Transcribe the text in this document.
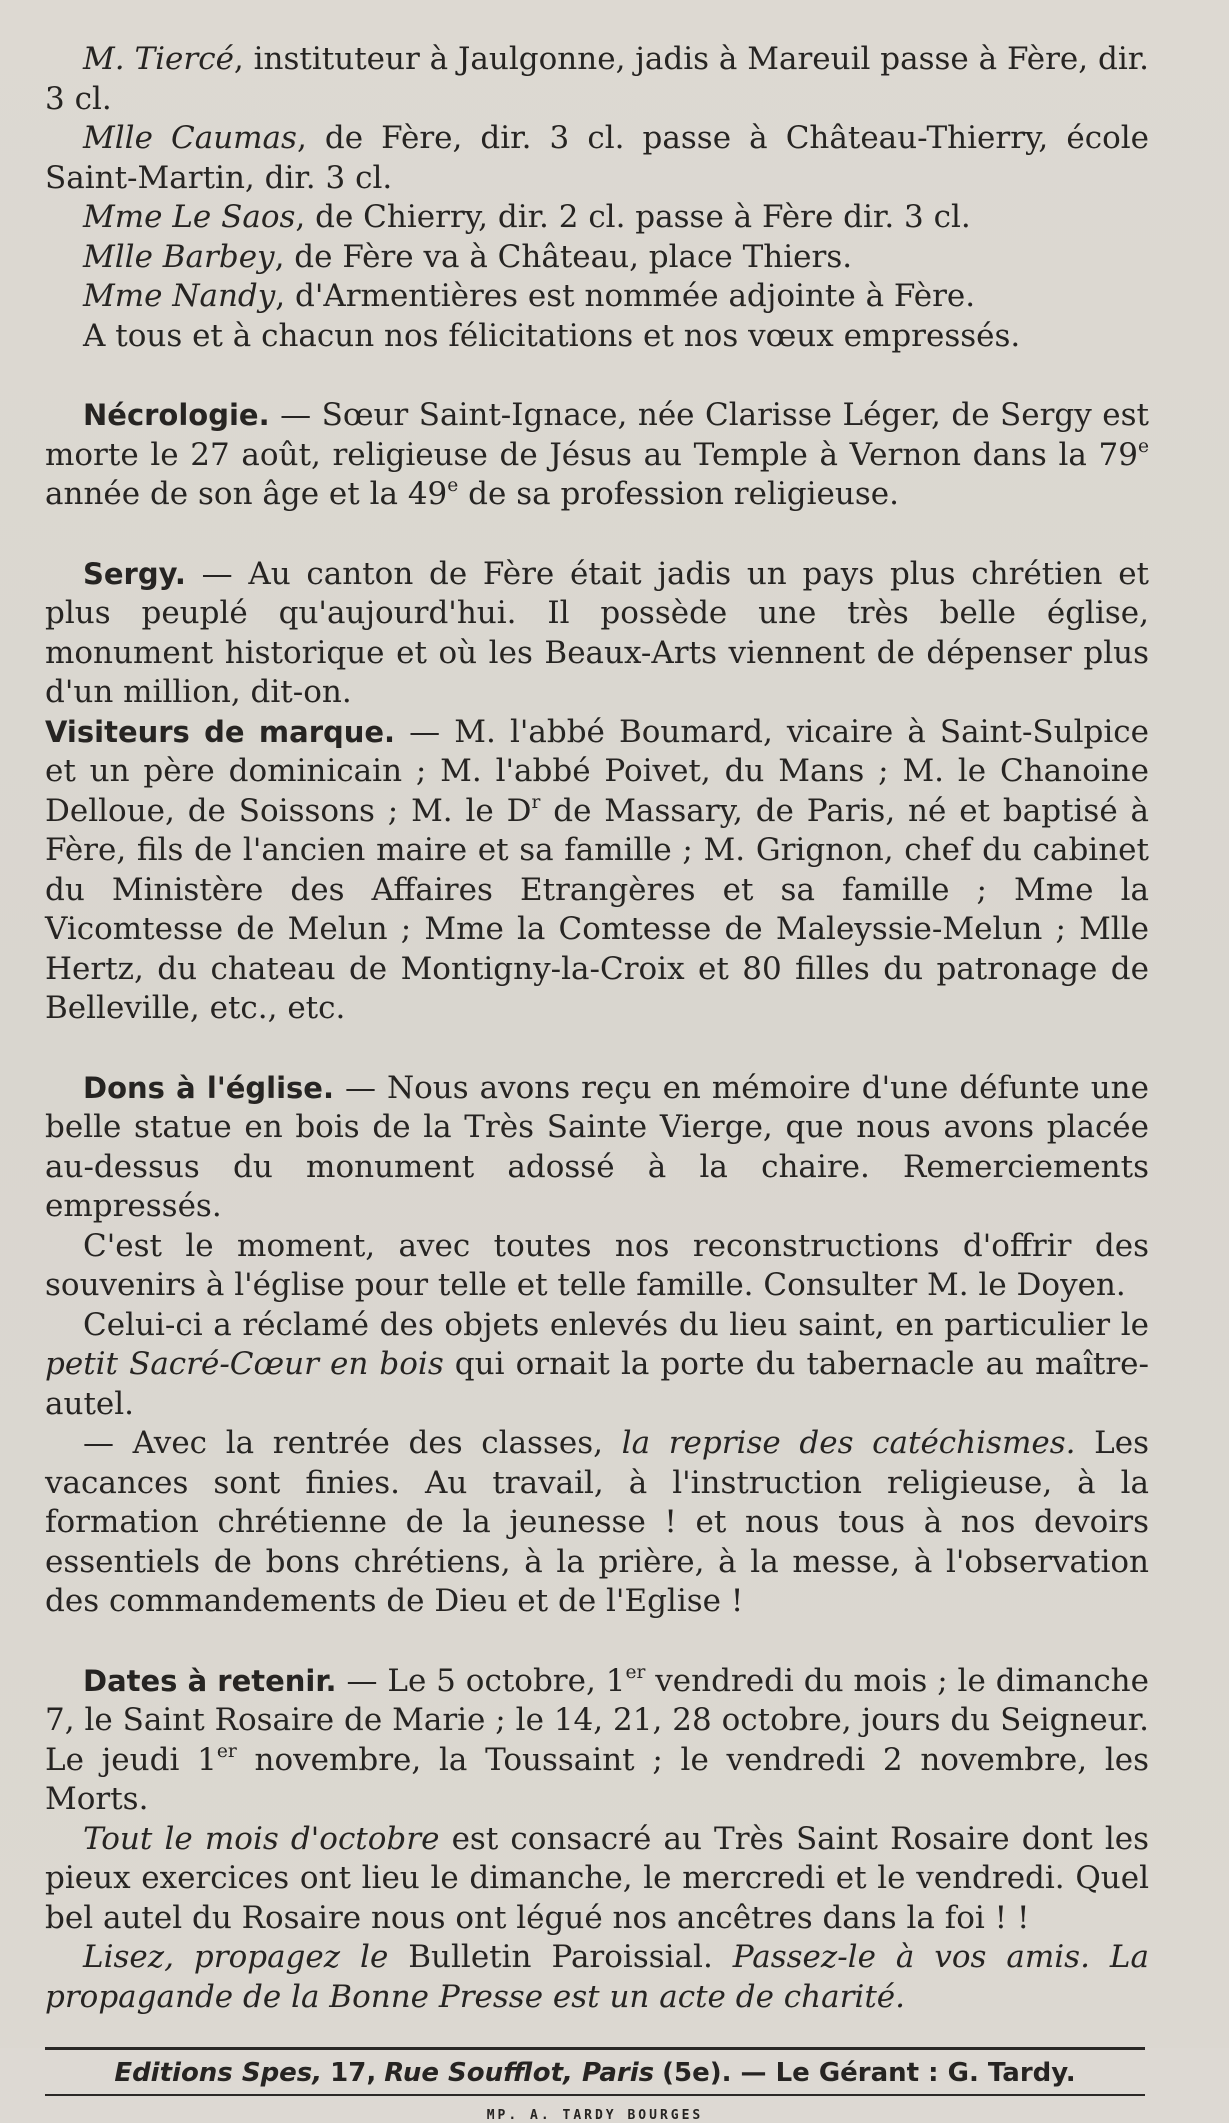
M. Tiercé, instituteur à Jaulgonne, jadis à Mareuil passe à Fère, dir. 3 cl.

Mlle Caumas, de Fère, dir. 3 cl. passe à Château-Thierry, école Saint-Martin, dir. 3 cl.

Mme Le Saos, de Chierry, dir. 2 cl. passe à Fère dir. 3 cl.

Mlle Barbey, de Fère va à Château, place Thiers.

Mme Nandy, d'Armentières est nommée adjointe à Fère.

A tous et à chacun nos félicitations et nos vœux empressés.

Nécrologie. — Sœur Saint-Ignace, née Clarisse Léger, de Sergy est morte le 27 août, religieuse de Jésus au Temple à Vernon dans la 79e année de son âge et la 49e de sa profession religieuse.

Sergy. — Au canton de Fère était jadis un pays plus chrétien et plus peuplé qu'aujourd'hui. Il possède une très belle église, monument historique et où les Beaux-Arts viennent de dépenser plus d'un million, dit-on.

Visiteurs de marque. — M. l'abbé Boumard, vicaire à Saint-Sulpice et un père dominicain ; M. l'abbé Poivet, du Mans ; M. le Chanoine Delloue, de Soissons ; M. le $D^r$ de Massary, de Paris, né et baptisé à Fère, fils de l'ancien maire et sa famille ; M. Grignon, chef du cabinet du Ministère des Affaires Etrangères et sa famille ; Mme la Vicomtesse de Melun ; Mme la Comtesse de Maleyssie-Melun ; Mlle Hertz, du chateau de Montigny-la-Croix et 80 filles du patronage de Belleville, etc., etc.

Dons à l'église. — Nous avons reçu en mémoire d'une défunte une belle statue en bois de la Très Sainte Vierge, que nous avons placée au-dessus du monument adossé à la chaire. Remerciements empressés.

C'est le moment, avec toutes nos reconstructions d'offrir des souvenirs à l'église pour telle et telle famille. Consulter M. le Doyen.

Celui-ci a réclamé des objets enlevés du lieu saint, en particulier le petit Sacré-Cœur en bois qui ornait la porte du tabernacle au maître-autel.

— Avec la rentrée des classes, la reprise des catéchismes. Les vacances sont finies. Au travail, à l'instruction religieuse, à la formation chrétienne de la jeunesse ! et nous tous à nos devoirs essentiels de bons chrétiens, à la prière, à la messe, à l'observation des commandements de Dieu et de l'Eglise !

Dates à retenir. — Le 5 octobre, 1er vendredi du mois ; le dimanche 7, le Saint Rosaire de Marie ; le 14, 21, 28 octobre, jours du Seigneur. Le jeudi 1er novembre, la Toussaint ; le vendredi 2 novembre, les Morts.

Tout le mois d'octobre est consacré au Très Saint Rosaire dont les pieux exercices ont lieu le dimanche, le mercredi et le vendredi. Quel bel autel du Rosaire nous ont légué nos ancêtres dans la foi ! !

Lisez, propagez le Bulletin Paroissial. Passez-le à vos amis. La propagande de la Bonne Presse est un acte de charité.

Editions Spes, 17, Rue Soufflot, Paris (5e). — Le Gérant : G. Tardy.
MP. A. TARDY BOURGES
